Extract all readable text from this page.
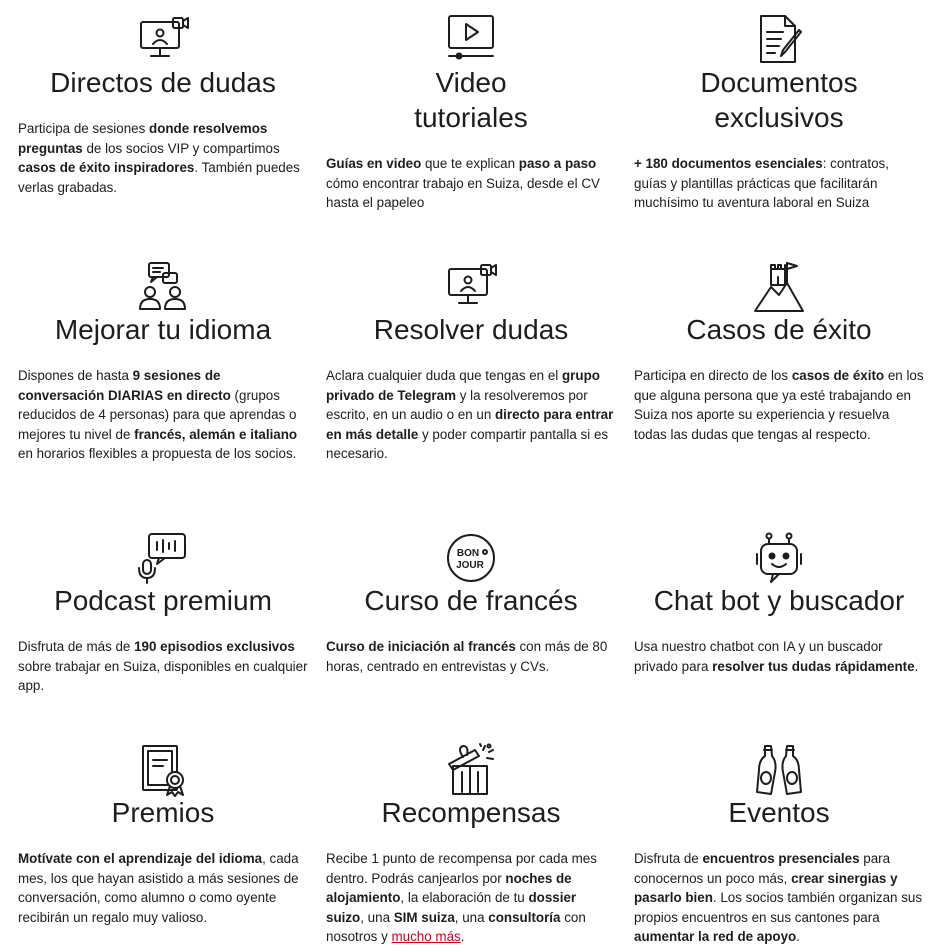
Directos de dudas

Participa de sesiones donde resolvemos preguntas de los socios VIP y compartimos casos de éxito inspiradores. También puedes verlas grabadas.

Video tutoriales

Guías en video que te explican paso a paso cómo encontrar trabajo en Suiza, desde el CV hasta el papeleo

Documentos exclusivos

+ 180 documentos esenciales: contratos, guías y plantillas prácticas que facilitarán muchísimo tu aventura laboral en Suiza

Mejorar tu idioma

Dispones de hasta 9 sesiones de conversación DIARIAS en directo (grupos reducidos de 4 personas) para que aprendas o mejores tu nivel de francés, alemán e italiano en horarios flexibles a propuesta de los socios.

Resolver dudas

Aclara cualquier duda que tengas en el grupo privado de Telegram y la resolveremos por escrito, en un audio o en un directo para entrar en más detalle y poder compartir pantalla si es necesario.

Casos de éxito

Participa en directo de los casos de éxito en los que alguna persona que ya esté trabajando en Suiza nos aporte su experiencia y resuelva todas las dudas que tengas al respecto.

Podcast premium

Disfruta de más de 190 episodios exclusivos sobre trabajar en Suiza, disponibles en cualquier app.

BON
JOUR
Curso de francés

Curso de iniciación al francés con más de 80 horas, centrado en entrevistas y CVs.

Chat bot y buscador

Usa nuestro chatbot con IA y un buscador privado para resolver tus dudas rápidamente.

Premios

Motívate con el aprendizaje del idioma, cada mes, los que hayan asistido a más sesiones de conversación, como alumno o como oyente recibirán un regalo muy valioso.

Recompensas

Recibe 1 punto de recompensa por cada mes dentro. Podrás canjearlos por noches de alojamiento, la elaboración de tu dossier suizo, una SIM suiza, una consultoría con nosotros y mucho más.

Eventos

Disfruta de encuentros presenciales para conocernos un poco más, crear sinergias y pasarlo bien. Los socios también organizan sus propios encuentros en sus cantones para aumentar la red de apoyo.
